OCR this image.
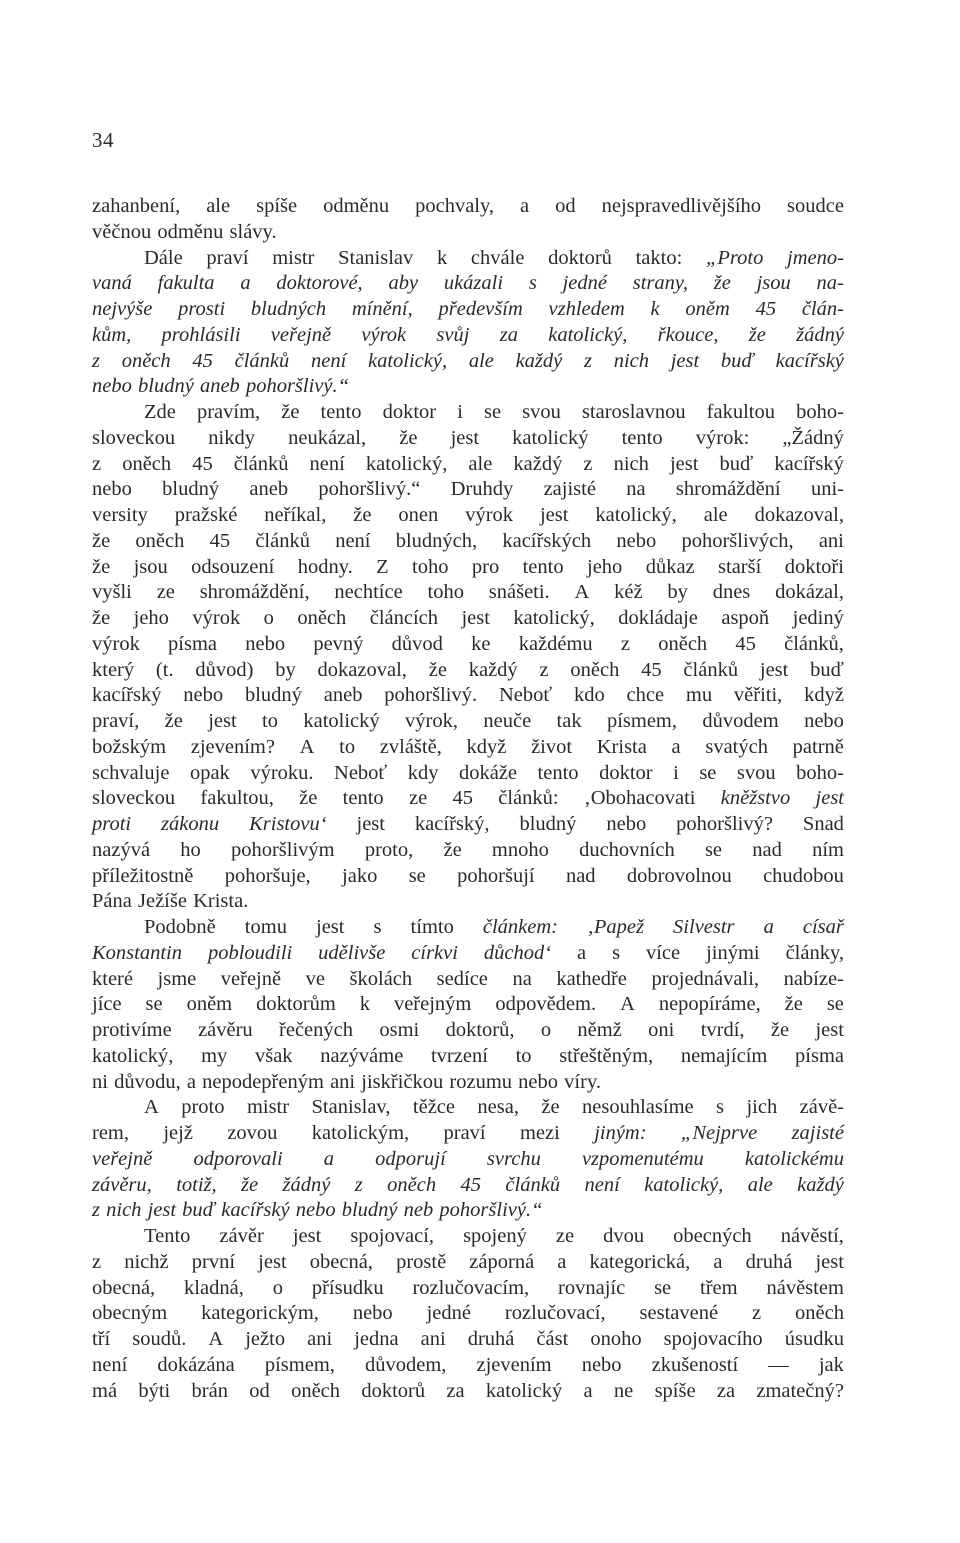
34
zahanbení, ale spíše odměnu pochvaly, a od nejspravedlivějšího soudce
věčnou odměnu slávy.
Dále praví mistr Stanislav k chvále doktorů takto: „Proto jmeno-
vaná fakulta a doktorové, aby ukázali s jedné strany, že jsou na-
nejvýše prosti bludných mínění, především vzhledem k oněm 45 člán-
kům, prohlásili veřejně výrok svůj za katolický, řkouce, že žádný
z oněch 45 článků není katolický, ale každý z nich jest buď kacířský
nebo bludný aneb pohoršlivý.“
Zde pravím, že tento doktor i se svou staroslavnou fakultou boho-
sloveckou nikdy neukázal, že jest katolický tento výrok: „Žádný
z oněch 45 článků není katolický, ale každý z nich jest buď kacířský
nebo bludný aneb pohoršlivý.“ Druhdy zajisté na shromáždění uni-
versity pražské neříkal, že onen výrok jest katolický, ale dokazoval,
že oněch 45 článků není bludných, kacířských nebo pohoršlivých, ani
že jsou odsouzení hodny. Z toho pro tento jeho důkaz starší doktoři
vyšli ze shromáždění, nechtíce toho snášeti. A kéž by dnes dokázal,
že jeho výrok o oněch článcích jest katolický, dokládaje aspoň jediný
výrok písma nebo pevný důvod ke každému z oněch 45 článků,
který (t. důvod) by dokazoval, že každý z oněch 45 článků jest buď
kacířský nebo bludný aneb pohoršlivý. Neboť kdo chce mu věřiti, když
praví, že jest to katolický výrok, neuče tak písmem, důvodem nebo
božským zjevením? A to zvláště, když život Krista a svatých patrně
schvaluje opak výroku. Neboť kdy dokáže tento doktor i se svou boho-
sloveckou fakultou, že tento ze 45 článků: ‚Obohacovati kněžstvo jest
proti zákonu Kristovu‘ jest kacířský, bludný nebo pohoršlivý? Snad
nazývá ho pohoršlivým proto, že mnoho duchovních se nad ním
příležitostně pohoršuje, jako se pohoršují nad dobrovolnou chudobou
Pána Ježíše Krista.
Podobně tomu jest s tímto článkem: ‚Papež Silvestr a císař
Konstantin pobloudili udělivše církvi důchod‘ a s více jinými články,
které jsme veřejně ve školách sedíce na kathedře projednávali, nabíze-
jíce se oněm doktorům k veřejným odpovědem. A nepopíráme, že se
protivíme závěru řečených osmi doktorů, o němž oni tvrdí, že jest
katolický, my však nazýváme tvrzení to střeštěným, nemajícím písma
ni důvodu, a nepodepřeným ani jiskřičkou rozumu nebo víry.
A proto mistr Stanislav, těžce nesa, že nesouhlasíme s jich závě-
rem, jejž zovou katolickým, praví mezi jiným: „Nejprve zajisté
veřejně odporovali a odporují svrchu vzpomenutému katolickému
závěru, totiž, že žádný z oněch 45 článků není katolický, ale každý
z nich jest buď kacířský nebo bludný neb pohoršlivý.“
Tento závěr jest spojovací, spojený ze dvou obecných návěstí,
z nichž první jest obecná, prostě záporná a kategorická, a druhá jest
obecná, kladná, o přísudku rozlučovacím, rovnajíc se třem návěstem
obecným kategorickým, nebo jedné rozlučovací, sestavené z oněch
tří soudů. A ježto ani jedna ani druhá část onoho spojovacího úsudku
není dokázána písmem, důvodem, zjevením nebo zkušeností — jak
má býti brán od oněch doktorů za katolický a ne spíše za zmatečný?
